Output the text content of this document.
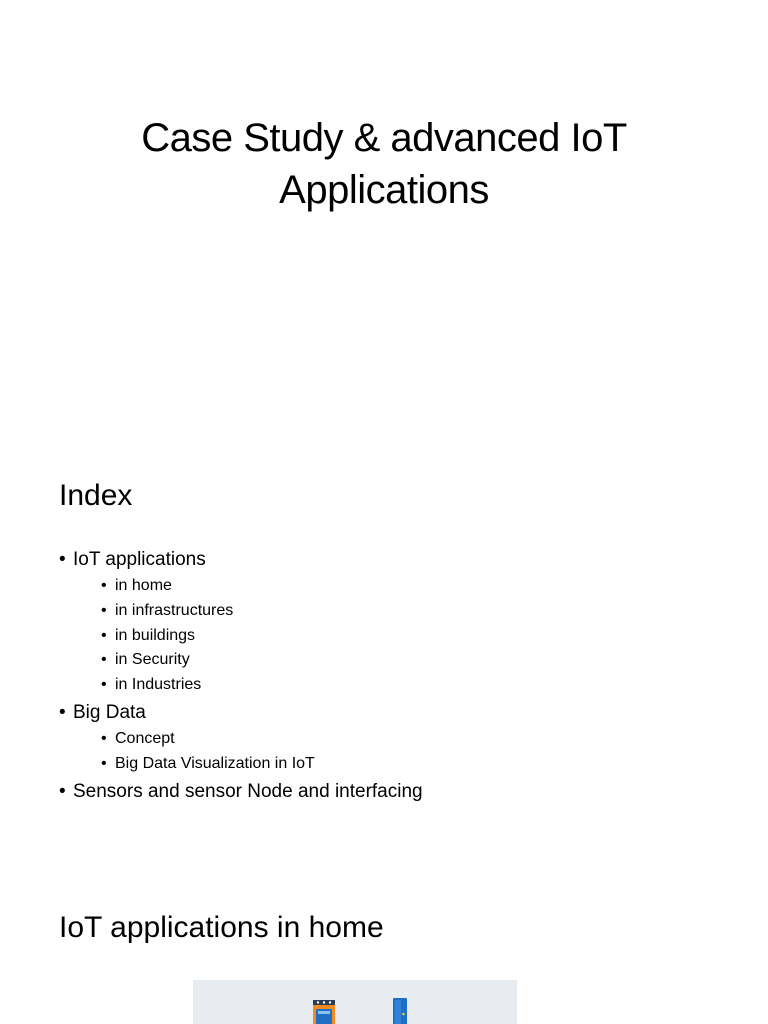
Case Study & advanced IoT
Applications
Index
• IoT applications
• in home
• in infrastructures
• in buildings
• in Security
• in Industries
• Big Data
• Concept
• Big Data Visualization in IoT
• Sensors and sensor Node and interfacing
IoT applications in home
